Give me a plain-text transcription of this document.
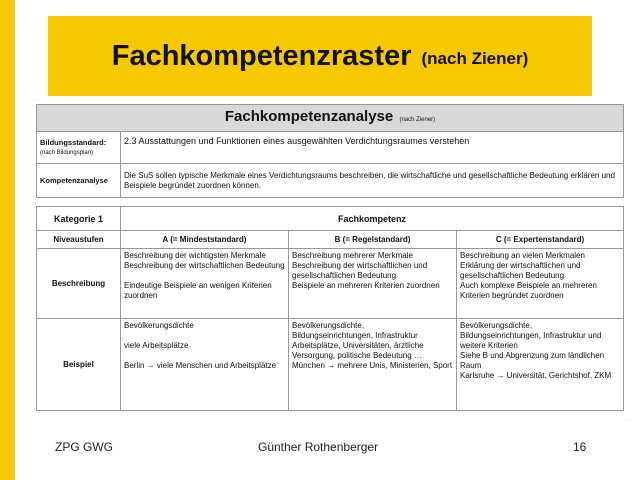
Fachkompetenzraster (nach Ziener)
ˈ
Fachkompetenzanalyse (nach Ziener)			
Bildungsstandard:
(nach Bildungsplan)	2.3 Ausstattungen und Funktionen eines ausgewählten Verdichtungsraumes verstehen		
Kompetenzanalyse	Die SuS sollen typische Merkmale eines Verdichtungsraums beschreiben, die wirtschaftliche und gesellschaftliche Bedeutung erklären und Beispiele begründet zuordnen können.		

Kategorie 1	Fachkompetenz		
Niveaustufen	A (= Mindeststandard)	B (= Regelstandard)	C (= Expertenstandard)
Beschreibung	Beschreibung der wichtigsten Merkmale
Beschreibung der wirtschaftlichen Bedeutung

Eindeutige Beispiele an wenigen Kriterien zuordnen	Beschreibung mehrerer Merkmale
Beschreibung der wirtschaftlichen und gesellschaftlichen Bedeutung
Beispiele an mehreren Kriterien zuordnen	Beschreibung an vielen Merkmalen
Erklärung der wirtschaftlichen und gesellschaftlichen Bedeutung
Auch komplexe Beispiele an mehreren Kriterien begründet zuordnen
Beispiel	Bevölkerungsdichte

viele Arbeitsplätze

Berlin → viele Menschen und Arbeitsplätze	Bevölkerungsdichte,
Bildungseinrichtungen, Infrastruktur
Arbeitsplätze, Universitäten, ärztliche Versorgung, politische Bedeutung …
München → mehrere Unis, Ministerien, Sport	Bevölkerungsdichte,
Bildungseinrichtungen, Infrastruktur und weitere Kriterien
Siehe B und Abgrenzung zum ländlichen Raum
Karlsruhe → Universität, Gerichtshof, ZKM
ˌ
ZPG GWG	Günther Rothenberger	16
